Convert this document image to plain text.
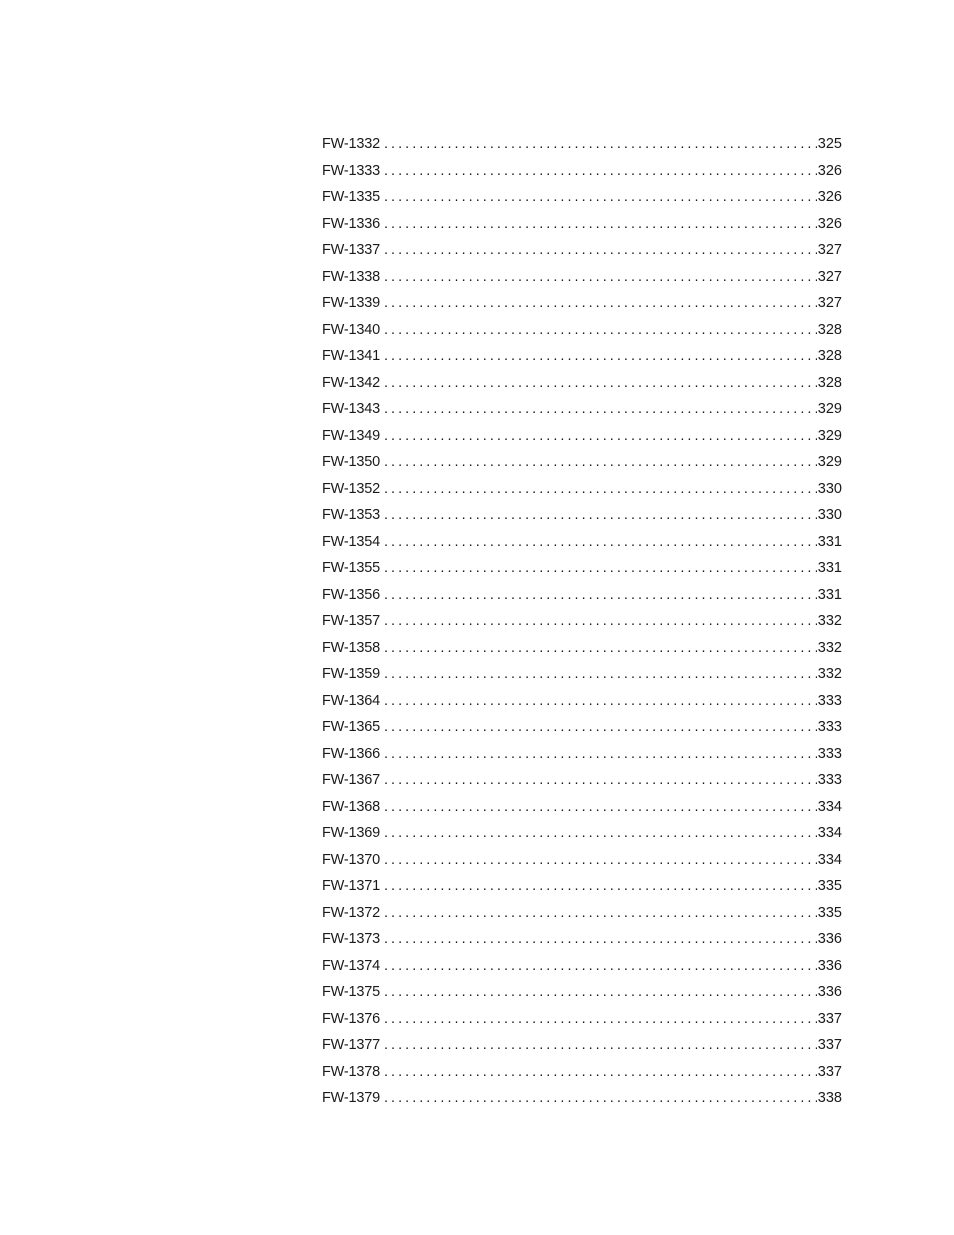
FW-1332 . . .	325
FW-1333 . . .	326
FW-1335 . . .	326
FW-1336 . . .	326
FW-1337 . . .	327
FW-1338 . . .	327
FW-1339 . . .	327
FW-1340 . . .	328
FW-1341 . . .	328
FW-1342 . . .	328
FW-1343 . . .	329
FW-1349 . . .	329
FW-1350 . . .	329
FW-1352 . . .	330
FW-1353 . . .	330
FW-1354 . . .	331
FW-1355 . . .	331
FW-1356 . . .	331
FW-1357 . . .	332
FW-1358 . . .	332
FW-1359 . . .	332
FW-1364 . . .	333
FW-1365 . . .	333
FW-1366 . . .	333
FW-1367 . . .	333
FW-1368 . . .	334
FW-1369 . . .	334
FW-1370 . . .	334
FW-1371 . . .	335
FW-1372 . . .	335
FW-1373 . . .	336
FW-1374 . . .	336
FW-1375 . . .	336
FW-1376 . . .	337
FW-1377 . . .	337
FW-1378 . . .	337
FW-1379 . . .	338
